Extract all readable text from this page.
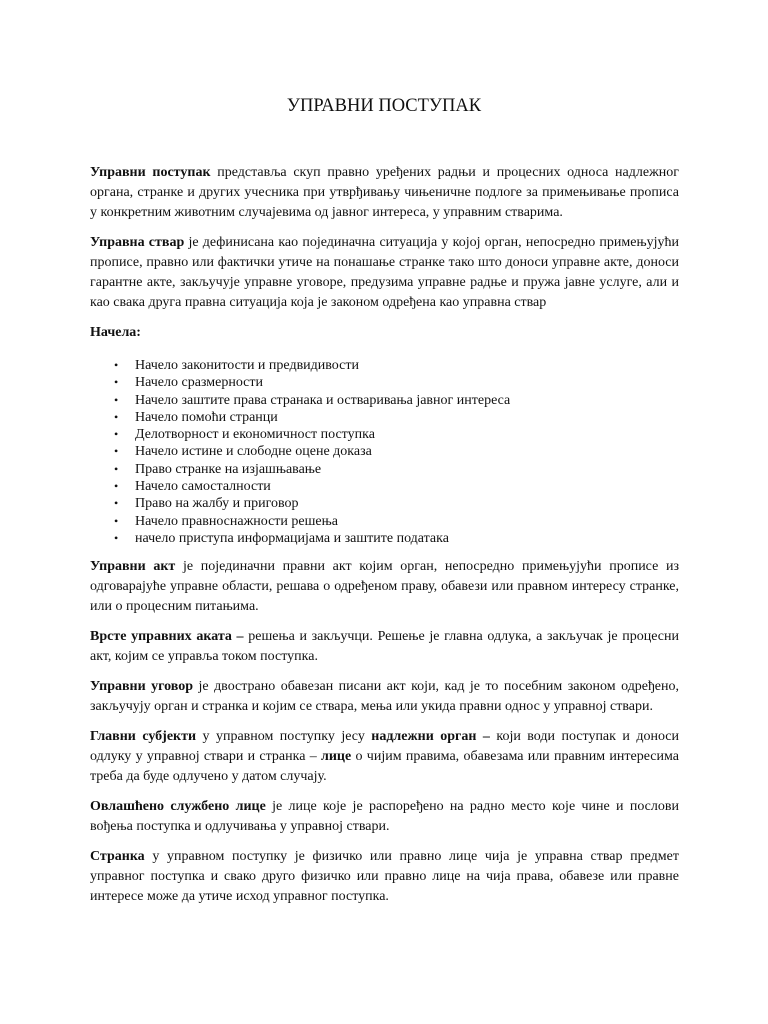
УПРАВНИ ПОСТУПАК

Управни поступак представља скуп правно уређених радњи и процесних односа надлежног органа, странке и других учесника при утврђивању чињеничне подлоге за примењивање прописа у конкретним животним случајевима од јавног интереса, у управним стварима.

Управна ствар је дефинисана као појединачна ситуација у којој орган, непосредно примењујући прописе, правно или фактички утиче на понашање странке тако што доноси управне акте, доноси гарантне акте, закључује управне уговоре, предузима управне радње и пружа јавне услуге, али и као свака друга правна ситуација која је законом одређена као управна ствар

Начела:

• Начело законитости и предвидивости
• Начело сразмерности
• Начело заштите права странака и остваривања јавног интереса
• Начело помоћи странци
• Делотворност и економичност поступка
• Начело истине и слободне оцене доказа
• Право странке на изјашњавање
• Начело самосталности
• Право на жалбу и приговор
• Начело правноснажности решења
• начело приступа информацијама и заштите података

Управни акт је појединачни правни акт којим орган, непосредно примењујући прописе из одговарајуће управне области, решава о одређеном праву, обавези или правном интересу странке, или о процесним питањима.

Врсте управних аката – решења и закључци. Решење је главна одлука, а закључак је процесни акт, којим се управља током поступка.

Управни уговор је двострано обавезан писани акт који, кад је то посебним законом одређено, закључују орган и странка и којим се ствара, мења или укида правни однос у управној ствари.

Главни субјекти у управном поступку јесу надлежни орган – који води поступак и доноси одлуку у управној ствари и странка – лице о чијим правима, обавезама или правним интересима треба да буде одлучено у датом случају.

Овлашћено службено лице је лице које је распоређено на радно место које чине и послови вођења поступка и одлучивања у управној ствари.

Странка у управном поступку је физичко или правно лице чија је управна ствар предмет управног поступка и свако друго физичко или правно лице на чија права, обавезе или правне интересе може да утиче исход управног поступка.
